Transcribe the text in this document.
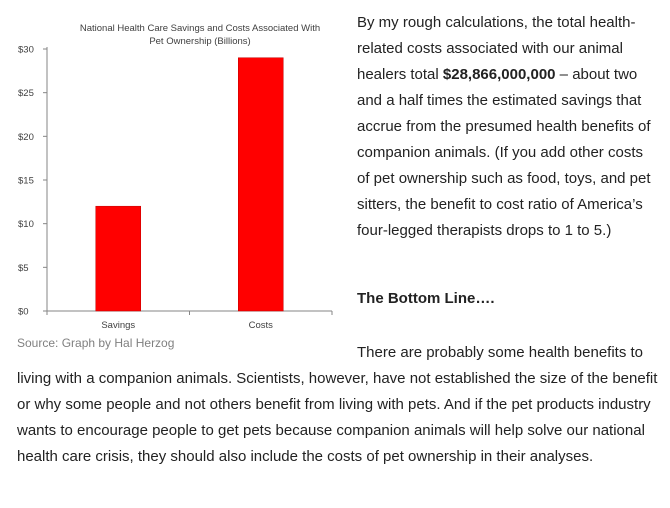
National Health Care Savings and Costs Associated With
Pet Ownership (Billions)
$0
$5
$10
$15
$20
$25
$30
Savings	Costs
Source: Graph by Hal Herzog

By my rough calculations, the total health-related costs associated with our animal healers total $28,866,000,000 – about two and a half times the estimated savings that accrue from the presumed health benefits of companion animals. (If you add other costs of pet ownership such as food, toys, and pet sitters, the benefit to cost ratio of America’s four-legged therapists drops to 1 to 5.)

The Bottom Line….

There are probably some health benefits to living with a companion animals. Scientists, however, have not established the size of the benefit or why some people and not others benefit from living with pets. And if the pet products industry wants to encourage people to get pets because companion animals will help solve our national health care crisis, they should also include the costs of pet ownership in their analyses.
